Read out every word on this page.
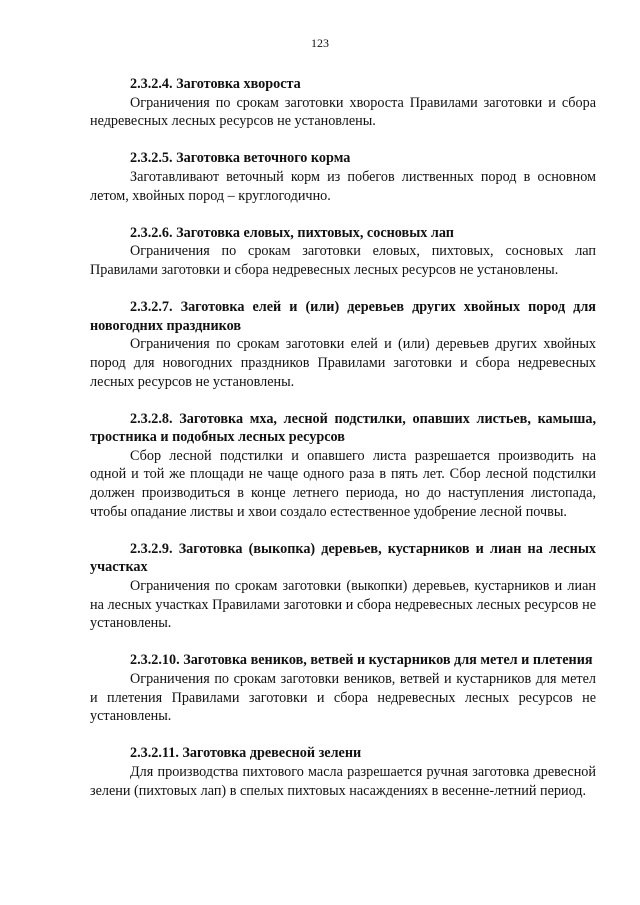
123

2.3.2.4. Заготовка хвороста

Ограничения по срокам заготовки хвороста Правилами заготовки и сбора недревесных лесных ресурсов не установлены.

2.3.2.5. Заготовка веточного корма

Заготавливают веточный корм из побегов лиственных пород в основном летом, хвойных пород – круглогодично.

2.3.2.6. Заготовка еловых, пихтовых, сосновых лап

Ограничения по срокам заготовки еловых, пихтовых, сосновых лап Правилами заготовки и сбора недревесных лесных ресурсов не установлены.

2.3.2.7. Заготовка елей и (или) деревьев других хвойных пород для новогодних праздников

Ограничения по срокам заготовки елей и (или) деревьев других хвойных пород для новогодних праздников Правилами заготовки и сбора недревесных лесных ресурсов не установлены.

2.3.2.8. Заготовка мха, лесной подстилки, опавших листьев, камыша, тростника и подобных лесных ресурсов

Сбор лесной подстилки и опавшего листа разрешается производить на одной и той же площади не чаще одного раза в пять лет. Сбор лесной подстилки должен производиться в конце летнего периода, но до наступления листопада, чтобы опадание листвы и хвои создало естественное удобрение лесной почвы.

2.3.2.9. Заготовка (выкопка) деревьев, кустарников и лиан на лесных участках

Ограничения по срокам заготовки (выкопки) деревьев, кустарников и лиан на лесных участках Правилами заготовки и сбора недревесных лесных ресурсов не установлены.

2.3.2.10. Заготовка веников, ветвей и кустарников для метел и плетения

Ограничения по срокам заготовки веников, ветвей и кустарников для метел и плетения Правилами заготовки и сбора недревесных лесных ресурсов не установлены.

2.3.2.11. Заготовка древесной зелени

Для производства пихтового масла разрешается ручная заготовка древесной зелени (пихтовых лап) в спелых пихтовых насаждениях в весенне-летний период.
